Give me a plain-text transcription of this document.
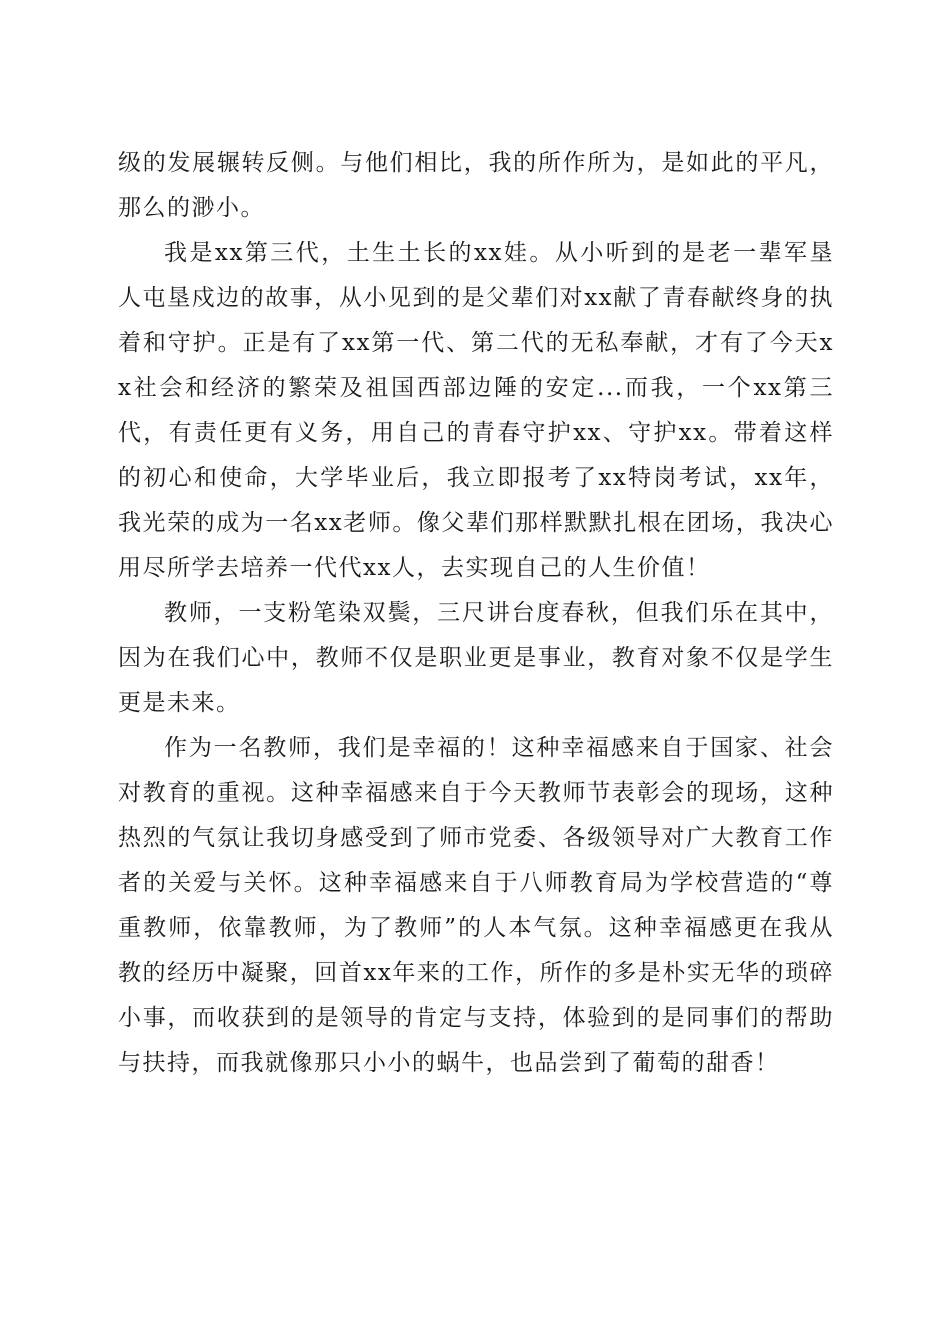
级的发展辗转反侧。与他们相比，我的所作所为，是如此的平凡，那么的渺小。

我是xx第三代，土生土长的xx娃。从小听到的是老一辈军垦人屯垦戍边的故事，从小见到的是父辈们对xx献了青春献终身的执着和守护。正是有了xx第一代、第二代的无私奉献，才有了今天xx社会和经济的繁荣及祖国西部边陲的安定...而我，一个xx第三代，有责任更有义务，用自己的青春守护xx、守护xx。带着这样的初心和使命，大学毕业后，我立即报考了xx特岗考试，xx年，我光荣的成为一名xx老师。像父辈们那样默默扎根在团场，我决心用尽所学去培养一代代xx人，去实现自己的人生价值！

教师，一支粉笔染双鬓，三尺讲台度春秋，但我们乐在其中，因为在我们心中，教师不仅是职业更是事业，教育对象不仅是学生更是未来。

作为一名教师，我们是幸福的！这种幸福感来自于国家、社会对教育的重视。这种幸福感来自于今天教师节表彰会的现场，这种热烈的气氛让我切身感受到了师市党委、各级领导对广大教育工作者的关爱与关怀。这种幸福感来自于八师教育局为学校营造的“尊重教师，依靠教师，为了教师”的人本气氛。这种幸福感更在我从教的经历中凝聚，回首xx年来的工作，所作的多是朴实无华的琐碎小事，而收获到的是领导的肯定与支持，体验到的是同事们的帮助与扶持，而我就像那只小小的蜗牛，也品尝到了葡萄的甜香！
